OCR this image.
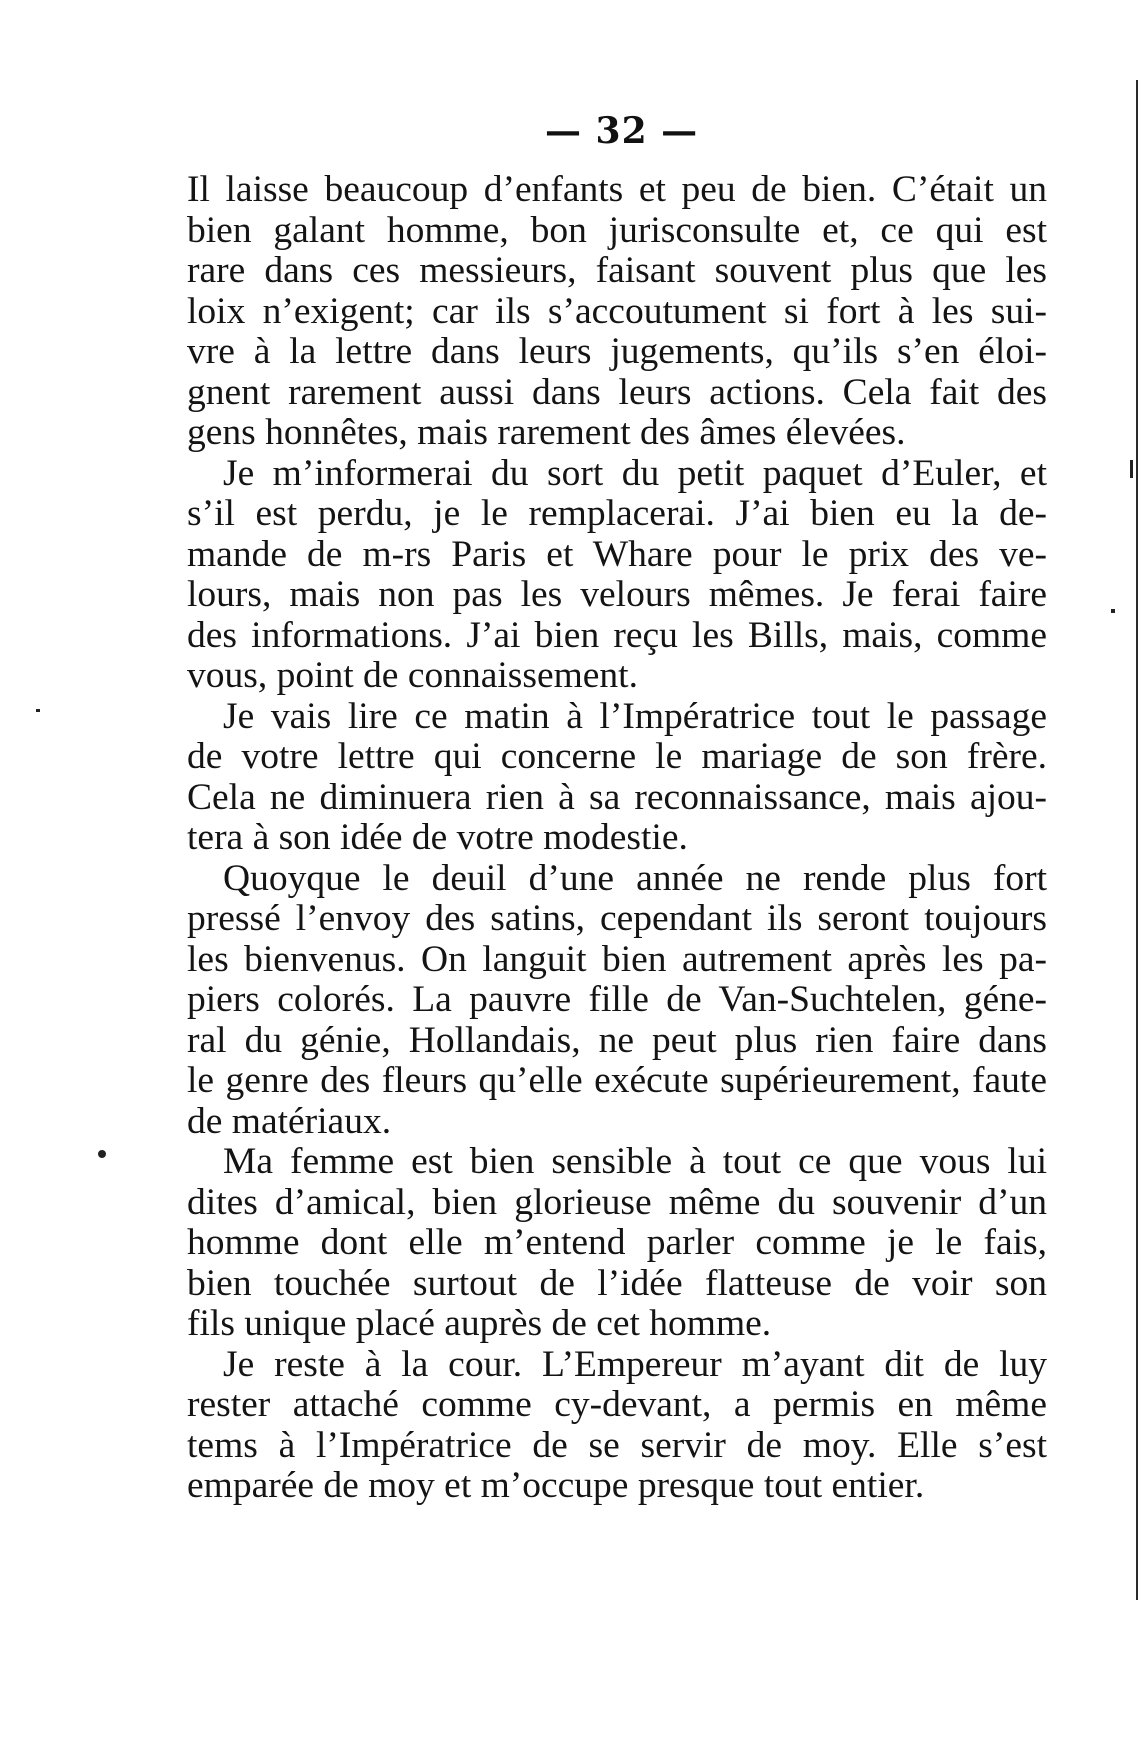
— 32 —
Il laisse beaucoup d’enfants et peu de bien. C’était un
bien galant homme, bon jurisconsulte et, ce qui est
rare dans ces messieurs, faisant souvent plus que les
loix n’exigent; car ils s’accoutument si fort à les sui-
vre à la lettre dans leurs jugements, qu’ils s’en éloi-
gnent rarement aussi dans leurs actions. Cela fait des
gens honnêtes, mais rarement des âmes élevées.
Je m’informerai du sort du petit paquet d’Euler, et
s’il est perdu, je le remplacerai. J’ai bien eu la de-
mande de m-rs Paris et Whare pour le prix des ve-
lours, mais non pas les velours mêmes. Je ferai faire
des informations. J’ai bien reçu les Bills, mais, comme
vous, point de connaissement.
Je vais lire ce matin à l’Impératrice tout le passage
de votre lettre qui concerne le mariage de son frère.
Cela ne diminuera rien à sa reconnaissance, mais ajou-
tera à son idée de votre modestie.
Quoyque le deuil d’une année ne rende plus fort
pressé l’envoy des satins, cependant ils seront toujours
les bienvenus. On languit bien autrement après les pa-
piers colorés. La pauvre fille de Van-Suchtelen, géne-
ral du génie, Hollandais, ne peut plus rien faire dans
le genre des fleurs qu’elle exécute supérieurement, faute
de matériaux.
Ma femme est bien sensible à tout ce que vous lui
dites d’amical, bien glorieuse même du souvenir d’un
homme dont elle m’entend parler comme je le fais,
bien touchée surtout de l’idée flatteuse de voir son
fils unique placé auprès de cet homme.
Je reste à la cour. L’Empereur m’ayant dit de luy
rester attaché comme cy-devant, a permis en même
tems à l’Impératrice de se servir de moy. Elle s’est
emparée de moy et m’occupe presque tout entier.
